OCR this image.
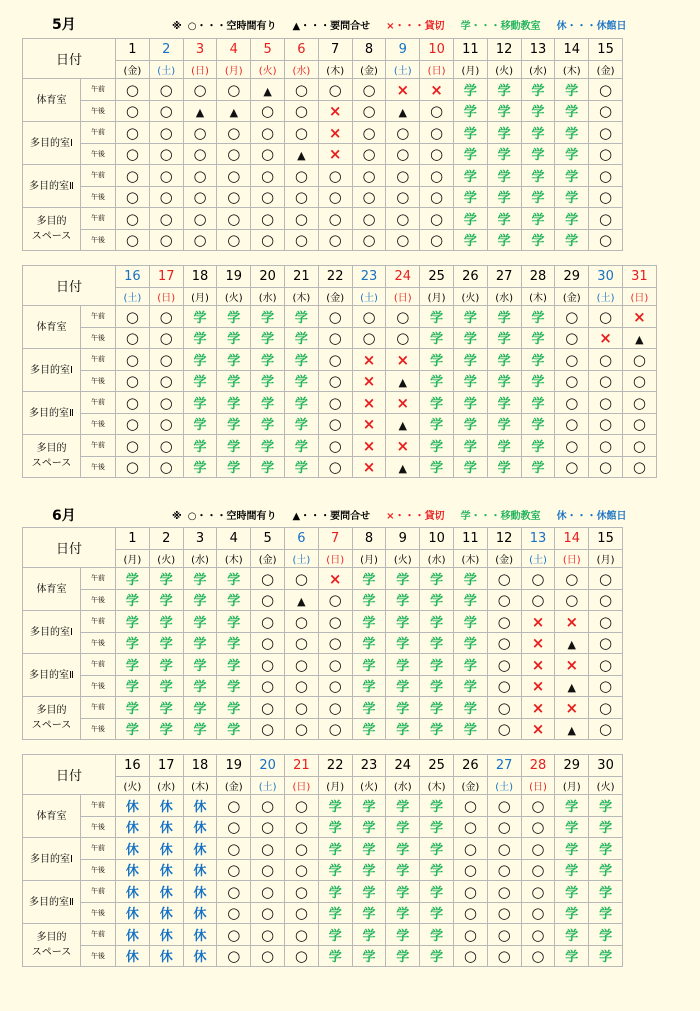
5月	※ ○・・・空時間有り ▲・・・要問合せ ×・・・貸切 学・・・移動教室 休・・・休館日
日付		1	2	3	4	5	6	7	8	9	10	11	12	13	14	15
		(金)	(土)	(日)	(月)	(火)	(水)	(木)	(金)	(土)	(日)	(月)	(火)	(水)	(木)	(金)

体育室	午前	○	○	○	○	▲	○	○	○	×	×	学	学	学	学	○
	午後	○	○	▲	▲	○	○	×	○	▲	○	学	学	学	学	○

多目的室Ⅰ	午前	○	○	○	○	○	○	×	○	○	○	学	学	学	学	○
	午後	○	○	○	○	○	▲	×	○	○	○	学	学	学	学	○

多目的室Ⅱ	午前	○	○	○	○	○	○	○	○	○	○	学	学	学	学	○
	午後	○	○	○	○	○	○	○	○	○	○	学	学	学	学	○

多目的
スペース	午前	○	○	○	○	○	○	○	○	○	○	学	学	学	学	○
	午後	○	○	○	○	○	○	○	○	○	○	学	学	学	学	○
日付		16	17	18	19	20	21	22	23	24	25	26	27	28	29	30	31
		(土)	(日)	(月)	(火)	(水)	(木)	(金)	(土)	(日)	(月)	(火)	(水)	(木)	(金)	(土)	(日)

体育室	午前	○	○	学	学	学	学	○	○	○	学	学	学	学	○	○	×
	午後	○	○	学	学	学	学	○	○	○	学	学	学	学	○	×	▲

多目的室Ⅰ	午前	○	○	学	学	学	学	○	×	×	学	学	学	学	○	○	○
	午後	○	○	学	学	学	学	○	×	▲	学	学	学	学	○	○	○

多目的室Ⅱ	午前	○	○	学	学	学	学	○	×	×	学	学	学	学	○	○	○
	午後	○	○	学	学	学	学	○	×	▲	学	学	学	学	○	○	○

多目的
スペース	午前	○	○	学	学	学	学	○	×	×	学	学	学	学	○	○	○
	午後	○	○	学	学	学	学	○	×	▲	学	学	学	学	○	○	○
6月	※ ○・・・空時間有り ▲・・・要問合せ ×・・・貸切 学・・・移動教室 休・・・休館日
日付		1	2	3	4	5	6	7	8	9	10	11	12	13	14	15
		(月)	(火)	(水)	(木)	(金)	(土)	(日)	(月)	(火)	(水)	(木)	(金)	(土)	(日)	(月)

体育室	午前	学	学	学	学	○	○	×	学	学	学	学	○	○	○	○
	午後	学	学	学	学	○	▲	○	学	学	学	学	○	○	○	○

多目的室Ⅰ	午前	学	学	学	学	○	○	○	学	学	学	学	○	×	×	○
	午後	学	学	学	学	○	○	○	学	学	学	学	○	×	▲	○

多目的室Ⅱ	午前	学	学	学	学	○	○	○	学	学	学	学	○	×	×	○
	午後	学	学	学	学	○	○	○	学	学	学	学	○	×	▲	○

多目的
スペース	午前	学	学	学	学	○	○	○	学	学	学	学	○	×	×	○
	午後	学	学	学	学	○	○	○	学	学	学	学	○	×	▲	○
日付		16	17	18	19	20	21	22	23	24	25	26	27	28	29	30
		(火)	(水)	(木)	(金)	(土)	(日)	(月)	(火)	(水)	(木)	(金)	(土)	(日)	(月)	(火)

体育室	午前	休	休	休	○	○	○	学	学	学	学	○	○	○	学	学
	午後	休	休	休	○	○	○	学	学	学	学	○	○	○	学	学

多目的室Ⅰ	午前	休	休	休	○	○	○	学	学	学	学	○	○	○	学	学
	午後	休	休	休	○	○	○	学	学	学	学	○	○	○	学	学

多目的室Ⅱ	午前	休	休	休	○	○	○	学	学	学	学	○	○	○	学	学
	午後	休	休	休	○	○	○	学	学	学	学	○	○	○	学	学

多目的
スペース	午前	休	休	休	○	○	○	学	学	学	学	○	○	○	学	学
	午後	休	休	休	○	○	○	学	学	学	学	○	○	○	学	学
